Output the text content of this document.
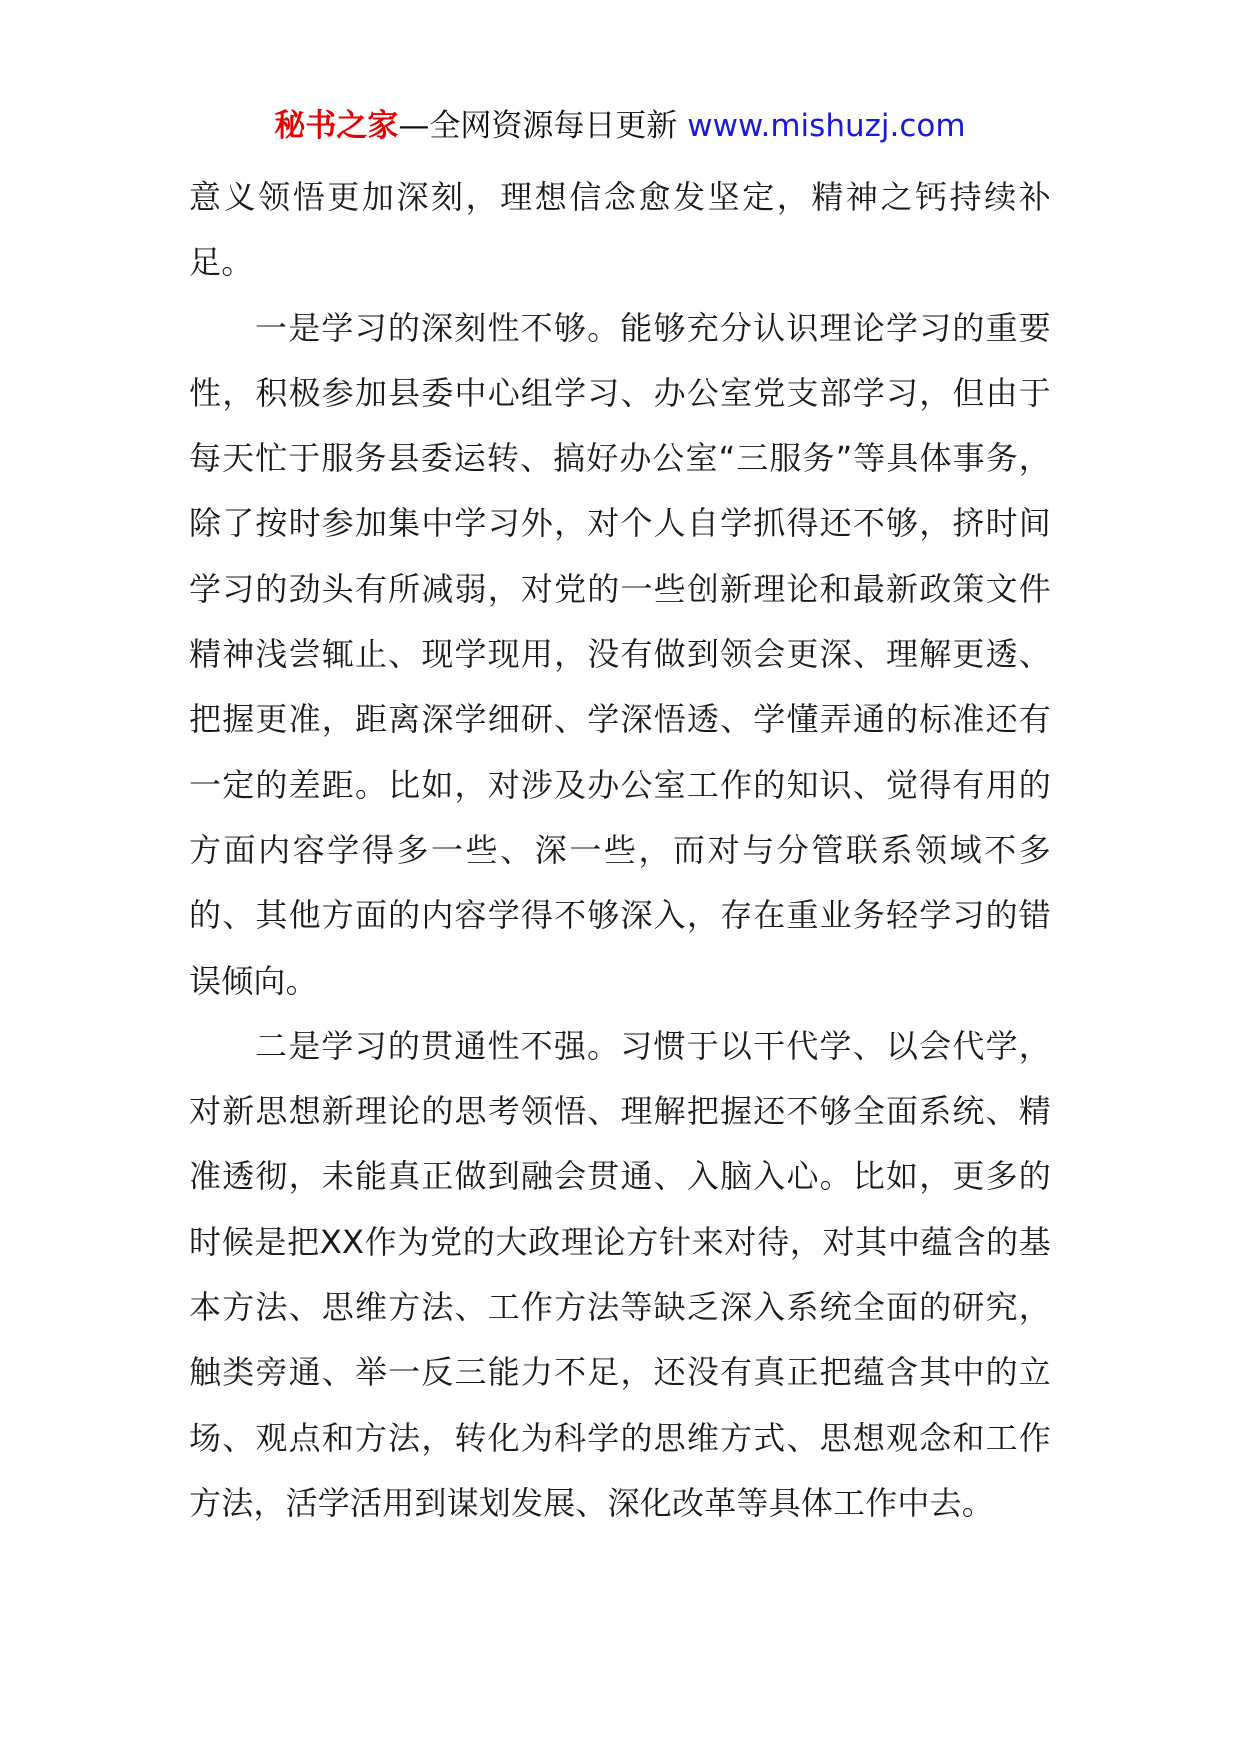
秘书之家—全网资源每日更新 www.mishuzj.com

意义领悟更加深刻，理想信念愈发坚定，精神之钙持续补足。

一是学习的深刻性不够。能够充分认识理论学习的重要性，积极参加县委中心组学习、办公室党支部学习，但由于每天忙于服务县委运转、搞好办公室“三服务”等具体事务，除了按时参加集中学习外，对个人自学抓得还不够，挤时间学习的劲头有所减弱，对党的一些创新理论和最新政策文件精神浅尝辄止、现学现用，没有做到领会更深、理解更透、把握更准，距离深学细研、学深悟透、学懂弄通的标准还有一定的差距。比如，对涉及办公室工作的知识、觉得有用的方面内容学得多一些、深一些，而对与分管联系领域不多的、其他方面的内容学得不够深入，存在重业务轻学习的错误倾向。

二是学习的贯通性不强。习惯于以干代学、以会代学，对新思想新理论的思考领悟、理解把握还不够全面系统、精准透彻，未能真正做到融会贯通、入脑入心。比如，更多的时候是把XX作为党的大政理论方针来对待，对其中蕴含的基本方法、思维方法、工作方法等缺乏深入系统全面的研究，触类旁通、举一反三能力不足，还没有真正把蕴含其中的立场、观点和方法，转化为科学的思维方式、思想观念和工作方法，活学活用到谋划发展、深化改革等具体工作中去。
